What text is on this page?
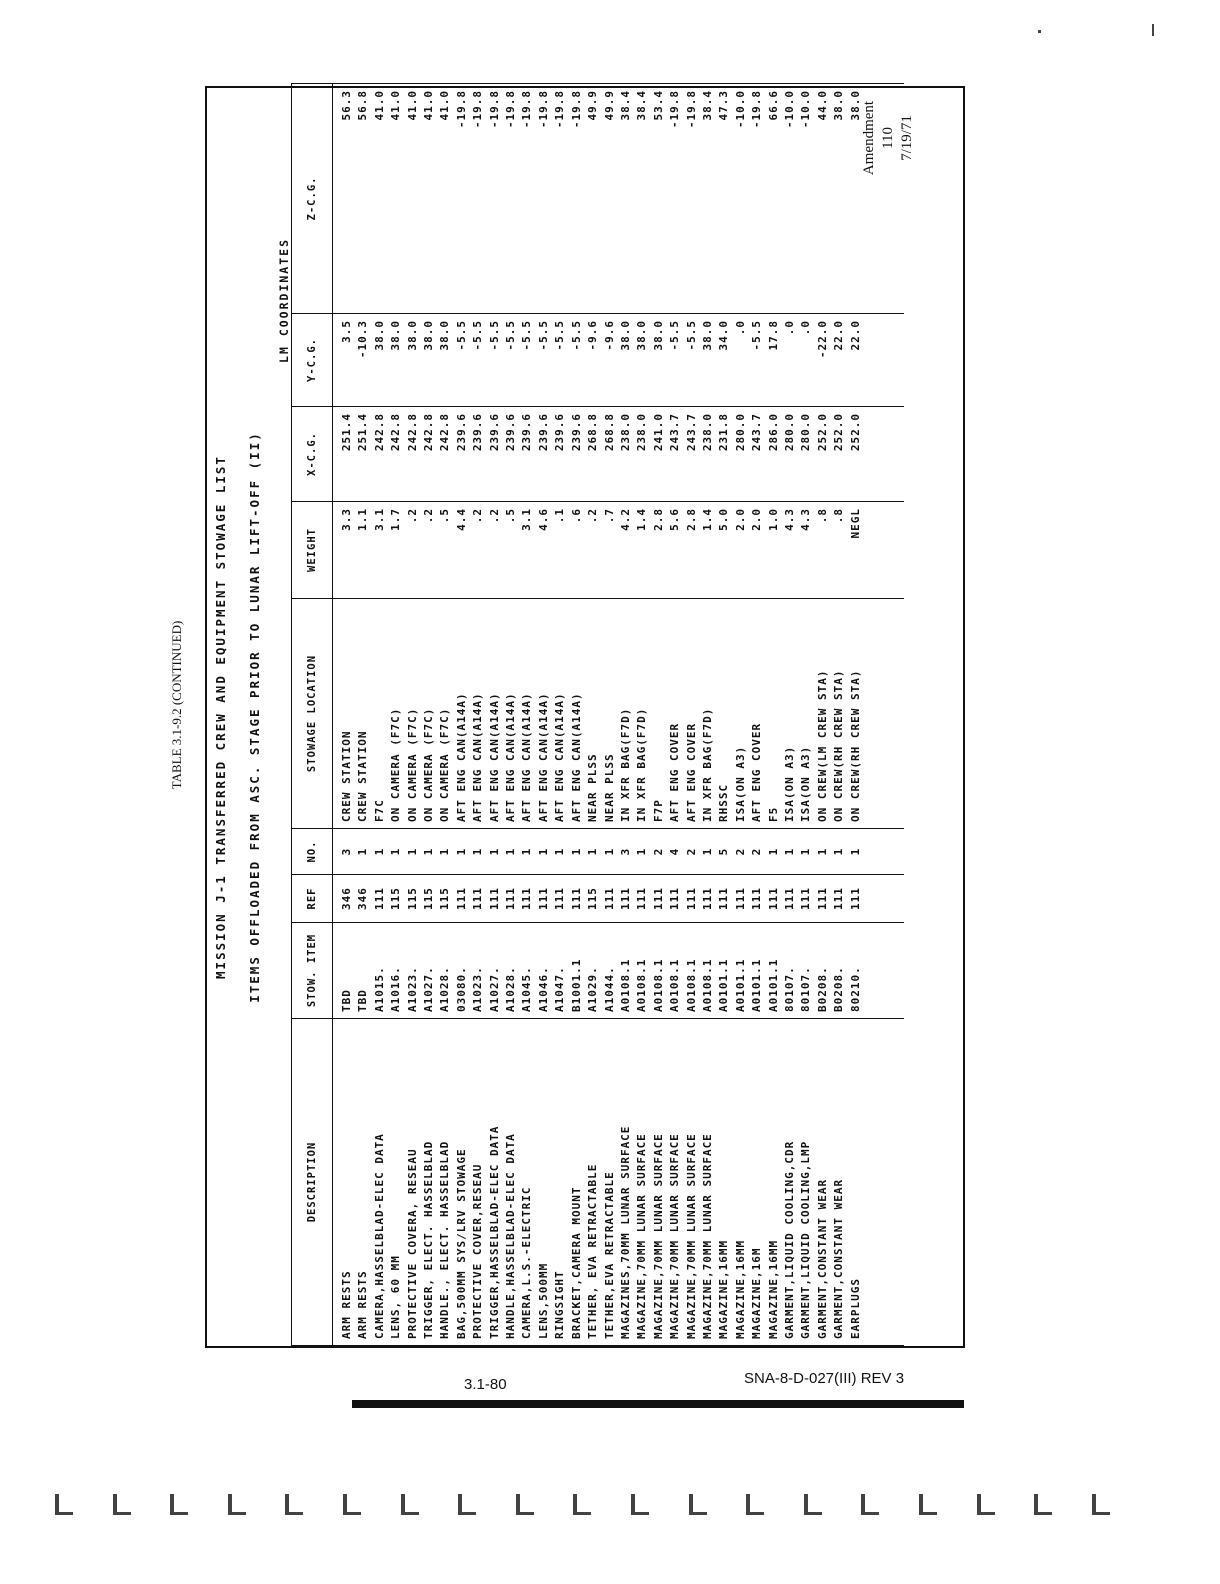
Amendment 110 7/19/71
TABLE 3.1-9.2 (CONTINUED)	MISSION J-1 TRANSFERRED CREW AND EQUIPMENT STOWAGE LIST ITEMS OFFLOADED FROM ASC. STAGE PRIOR TO LUNAR LIFT-OFF (II)
LM COORDINATES
DESCRIPTION	STOW. ITEM	REF	NO.	STOWAGE LOCATION	WEIGHT	X-C.G.	Y-C.G.	Z-C.G.
ARM RESTS	TBD	346	3	CREW STATION	3.3	251.4	3.5	56.3
ARM RESTS	TBD	346	1	CREW STATION	1.1	251.4	-10.3	56.8
CAMERA,HASSELBLAD-ELEC DATA	A1015.	111	1	F7C	3.1	242.8	38.0	41.0
LENS, 60 MM	A1016.	115	1	ON CAMERA (F7C)	1.7	242.8	38.0	41.0
PROTECTIVE COVERA, RESEAU	A1023.	115	1	ON CAMERA (F7C)	.2	242.8	38.0	41.0
TRIGGER, ELECT. HASSELBLAD	A1027.	115	1	ON CAMERA (F7C)	.2	242.8	38.0	41.0
HANDLE., ELECT. HASSELBLAD	A1028.	115	1	ON CAMERA (F7C)	.5	242.8	38.0	41.0
BAG,500MM SYS/LRV STOWAGE	03080.	111	1	AFT ENG CAN(A14A)	4.4	239.6	-5.5	-19.8
PROTECTIVE COVER,RESEAU	A1023.	111	1	AFT ENG CAN(A14A)	.2	239.6	-5.5	-19.8
TRIGGER,HASSELBLAD-ELEC DATA	A1027.	111	1	AFT ENG CAN(A14A)	.2	239.6	-5.5	-19.8
HANDLE,HASSELBLAD-ELEC DATA	A1028.	111	1	AFT ENG CAN(A14A)	.5	239.6	-5.5	-19.8
CAMERA,L.S.-ELECTRIC	A1045.	111	1	AFT ENG CAN(A14A)	3.1	239.6	-5.5	-19.8
LENS,500MM	A1046.	111	1	AFT ENG CAN(A14A)	4.6	239.6	-5.5	-19.8
RINGSIGHT	A1047.	111	1	AFT ENG CAN(A14A)	.1	239.6	-5.5	-19.8
BRACKET,CAMERA MOUNT	B1001.1	111	1	AFT ENG CAN(A14A)	.6	239.6	-5.5	-19.8
TETHER, EVA RETRACTABLE	A1029.	115	1	NEAR PLSS	.2	268.8	-9.6	49.9
TETHER,EVA RETRACTABLE	A1044.	111	1	NEAR PLSS	.7	268.8	-9.6	49.9
MAGAZINES,70MM LUNAR SURFACE	A0108.1	111	3	IN XFR BAG(F7D)	4.2	238.0	38.0	38.4
MAGAZINE,70MM LUNAR SURFACE	A0108.1	111	1	IN XFR BAG(F7D)	1.4	238.0	38.0	38.4
MAGAZINE,70MM LUNAR SURFACE	A0108.1	111	2	F7P	2.8	241.0	38.0	53.4
MAGAZINE,70MM LUNAR SURFACE	A0108.1	111	4	AFT ENG COVER	5.6	243.7	-5.5	-19.8
MAGAZINE,70MM LUNAR SURFACE	A0108.1	111	2	AFT ENG COVER	2.8	243.7	-5.5	-19.8
MAGAZINE,70MM LUNAR SURFACE	A0108.1	111	1	IN XFR BAG(F7D)	1.4	238.0	38.0	38.4
MAGAZINE,16MM	A0101.1	111	5	RHSSC	5.0	231.8	34.0	47.3
MAGAZINE,16MM	A0101.1	111	2	ISA(ON A3)	2.0	280.0	.0	-10.0
MAGAZINE,16M	A0101.1	111	2	AFT ENG COVER	2.0	243.7	-5.5	-19.8
MAGAZINE,16MM	A0101.1	111	1	F5	1.0	286.0	17.8	66.6
GARMENT,LIQUID COOLING,CDR	80107.	111	1	ISA(ON A3)	4.3	280.0	.0	-10.0
GARMENT,LIQUID COOLING,LMP	80107.	111	1	ISA(ON A3)	4.3	280.0	.0	-10.0
GARMENT,CONSTANT WEAR	B0208.	111	1	ON CREW(LM CREW STA)	.8	252.0	-22.0	44.0
GARMENT,CONSTANT WEAR	B0208.	111	1	ON CREW(RH CREW STA)	.8	252.0	22.0	38.0
EARPLUGS	80210.	111	1	ON CREW(RH CREW STA)	NEGL	252.0	22.0	38.0

3.1-80	SNA-8-D-027(III) REV 3
